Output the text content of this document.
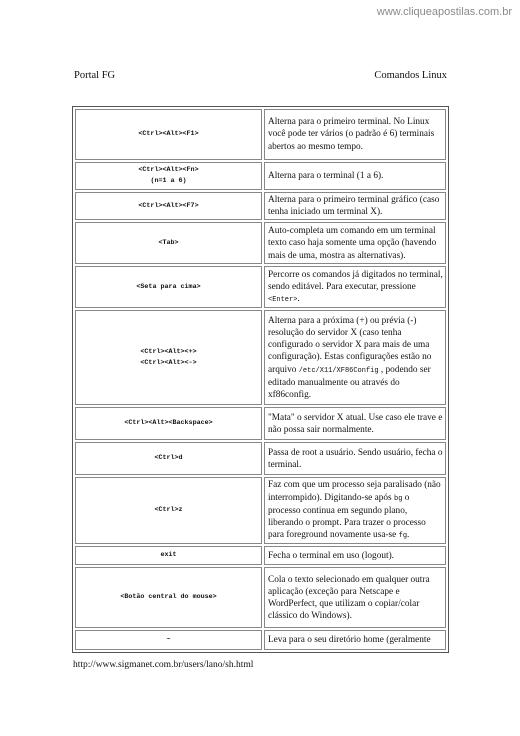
www.cliqueapostilas.com.br
Portal FG	Comandos Linux
<Ctrl><Alt><F1>	Alterna para o primeiro terminal. No Linux você pode ter vários (o padrão é 6) terminais abertos ao mesmo tempo.

<Ctrl><Alt><Fn>
(n=1 a 6)	Alterna para o terminal (1 a 6).

<Ctrl><Alt><F7>	Alterna para o primeiro terminal gráfico (caso tenha iniciado um terminal X).

<Tab>	Auto-completa um comando em um terminal texto caso haja somente uma opção (havendo mais de uma, mostra as alternativas).

<Seta para cima>	Percorre os comandos já digitados no terminal, sendo editável. Para executar, pressione <Enter>.

<Ctrl><Alt><+>
<Ctrl><Alt><->	Alterna para a próxima (+) ou prévia (-) resolução do servidor X (caso tenha configurado o servidor X para mais de uma configuração). Estas configurações estão no arquivo /etc/X11/XF86Config , podendo ser editado manualmente ou através do xf86config.

<Ctrl><Alt><Backspace>	"Mata" o servidor X atual. Use caso ele trave e não possa sair normalmente.

<Ctrl>d	Passa de root a usuário. Sendo usuário, fecha o terminal.

<Ctrl>z	Faz com que um processo seja paralisado (não interrompido). Digitando-se após bg o processo continua em segundo plano, liberando o prompt. Para trazer o processo para foreground novamente usa-se fg.

exit	Fecha o terminal em uso (logout).

<Botão central do mouse>	Cola o texto selecionado em qualquer outra aplicação (exceção para Netscape e WordPerfect, que utilizam o copiar/colar clássico do Windows).

~	Leva para o seu diretório home (geralmente
http://www.sigmanet.com.br/users/lano/sh.html
